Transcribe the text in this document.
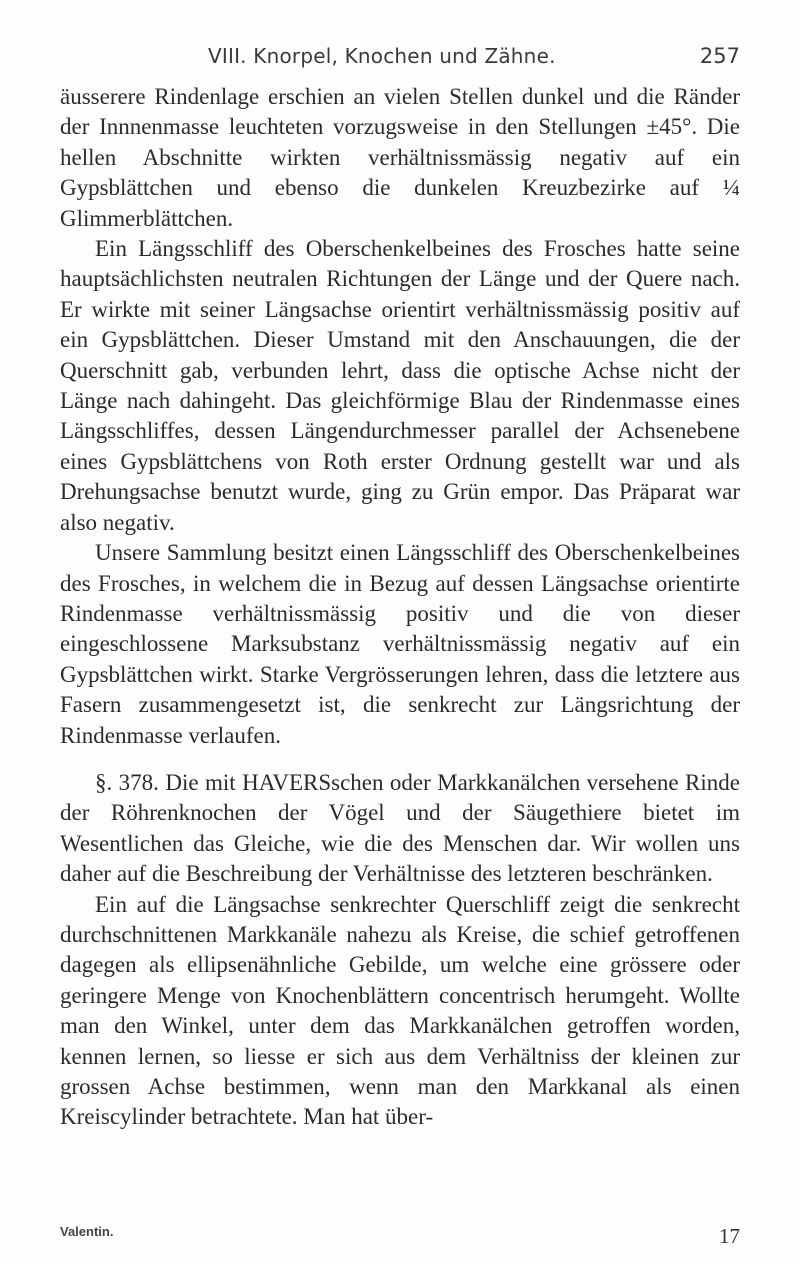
VIII. Knorpel, Knochen und Zähne.	257

äusserere Rindenlage erschien an vielen Stellen dunkel und die Ränder der Innnenmasse leuchteten vorzugsweise in den Stellungen ±45°. Die hellen Abschnitte wirkten verhältnissmässig negativ auf ein Gypsblättchen und ebenso die dunkelen Kreuzbezirke auf ¼ Glimmerblättchen.

Ein Längsschliff des Oberschenkelbeines des Frosches hatte seine hauptsächlichsten neutralen Richtungen der Länge und der Quere nach. Er wirkte mit seiner Längsachse orientirt verhältnissmässig positiv auf ein Gypsblättchen. Dieser Umstand mit den Anschauungen, die der Querschnitt gab, verbunden lehrt, dass die optische Achse nicht der Länge nach dahingeht. Das gleichförmige Blau der Rindenmasse eines Längsschliffes, dessen Längendurchmesser parallel der Achsenebene eines Gypsblättchens von Roth erster Ordnung gestellt war und als Drehungsachse benutzt wurde, ging zu Grün empor. Das Präparat war also negativ.

Unsere Sammlung besitzt einen Längsschliff des Oberschenkelbeines des Frosches, in welchem die in Bezug auf dessen Längsachse orientirte Rindenmasse verhältnissmässig positiv und die von dieser eingeschlossene Marksubstanz verhältnissmässig negativ auf ein Gypsblättchen wirkt. Starke Vergrösserungen lehren, dass die letztere aus Fasern zusammengesetzt ist, die senkrecht zur Längsrichtung der Rindenmasse verlaufen.

§. 378. Die mit HAVERSschen oder Markkanälchen versehene Rinde der Röhrenknochen der Vögel und der Säugethiere bietet im Wesentlichen das Gleiche, wie die des Menschen dar. Wir wollen uns daher auf die Beschreibung der Verhältnisse des letzteren beschränken.

Ein auf die Längsachse senkrechter Querschliff zeigt die senkrecht durchschnittenen Markkanäle nahezu als Kreise, die schief getroffenen dagegen als ellipsenähnliche Gebilde, um welche eine grössere oder geringere Menge von Knochenblättern concentrisch herumgeht. Wollte man den Winkel, unter dem das Markkanälchen getroffen worden, kennen lernen, so liesse er sich aus dem Verhältniss der kleinen zur grossen Achse bestimmen, wenn man den Markkanal als einen Kreiscylinder betrachtete. Man hat über-

Valentin.	17
